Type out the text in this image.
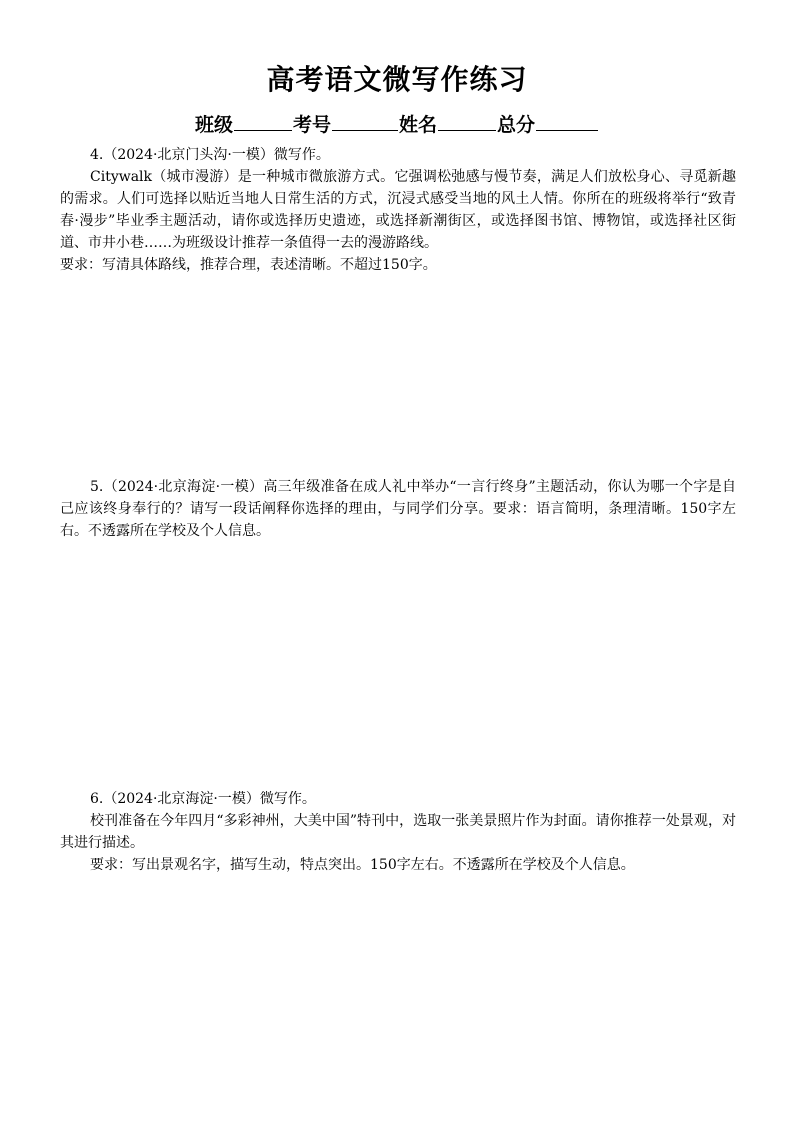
高考语文微写作练习
班级	考号	姓名	总分

4.（2024·北京门头沟·一模）微写作。

Citywalk（城市漫游）是一种城市微旅游方式。它强调松弛感与慢节奏，满足人们放松身心、寻觅新趣的需求。人们可选择以贴近当地人日常生活的方式，沉浸式感受当地的风土人情。你所在的班级将举行“致青春·漫步”毕业季主题活动，请你或选择历史遗迹，或选择新潮街区，或选择图书馆、博物馆，或选择社区街道、市井小巷……为班级设计推荐一条值得一去的漫游路线。

要求：写清具体路线，推荐合理，表述清晰。不超过150字。

5.（2024·北京海淀·一模）高三年级准备在成人礼中举办“一言行终身”主题活动，你认为哪一个字是自己应该终身奉行的？请写一段话阐释你选择的理由，与同学们分享。要求：语言简明，条理清晰。150字左右。不透露所在学校及个人信息。

6.（2024·北京海淀·一模）微写作。

校刊准备在今年四月“多彩神州，大美中国”特刊中，选取一张美景照片作为封面。请你推荐一处景观，对其进行描述。

要求：写出景观名字，描写生动，特点突出。150字左右。不透露所在学校及个人信息。
